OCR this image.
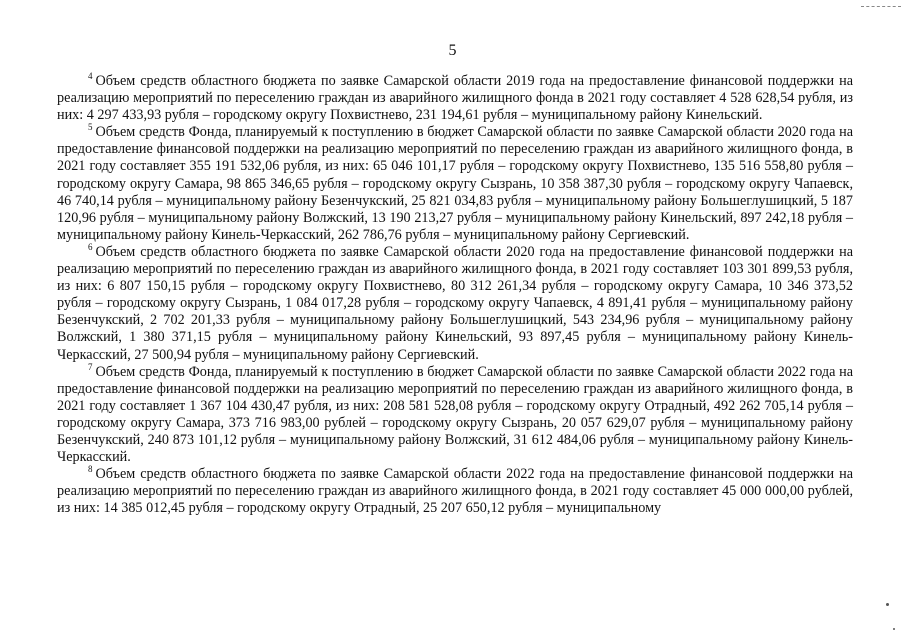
5

$^4$ Объем средств областного бюджета по заявке Самарской области 2019 года на предоставление финансовой поддержки на реализацию мероприятий по переселению граждан из аварийного жилищного фонда в 2021 году составляет 4 528 628,54 рубля, из них: 4 297 433,93 рубля – городскому округу Похвистнево, 231 194,61 рубля – муниципальному району Кинельский.

$^5$ Объем средств Фонда, планируемый к поступлению в бюджет Самарской области по заявке Самарской области 2020 года на предоставление финансовой поддержки на реализацию мероприятий по переселению граждан из аварийного жилищного фонда, в 2021 году составляет 355 191 532,06 рубля, из них: 65 046 101,17 рубля – городскому округу Похвистнево, 135 516 558,80 рубля – городскому округу Самара, 98 865 346,65 рубля – городскому округу Сызрань, 10 358 387,30 рубля – городскому округу Чапаевск, 46 740,14 рубля – муниципальному району Безенчукский, 25 821 034,83 рубля – муниципальному району Большеглушицкий, 5 187 120,96 рубля – муниципальному району Волжский, 13 190 213,27 рубля – муниципальному району Кинельский, 897 242,18 рубля – муниципальному району Кинель-Черкасский, 262 786,76 рубля – муниципальному району Сергиевский.

$^6$ Объем средств областного бюджета по заявке Самарской области 2020 года на предоставление финансовой поддержки на реализацию мероприятий по переселению граждан из аварийного жилищного фонда, в 2021 году составляет 103 301 899,53 рубля, из них: 6 807 150,15 рубля – городскому округу Похвистнево, 80 312 261,34 рубля – городскому округу Самара, 10 346 373,52 рубля – городскому округу Сызрань, 1 084 017,28 рубля – городскому округу Чапаевск, 4 891,41 рубля – муниципальному району Безенчукский, 2 702 201,33 рубля – муниципальному району Большеглушицкий, 543 234,96 рубля – муниципальному району Волжский, 1 380 371,15 рубля – муниципальному району Кинельский, 93 897,45 рубля – муниципальному району Кинель-Черкасский, 27 500,94 рубля – муниципальному району Сергиевский.

$^7$ Объем средств Фонда, планируемый к поступлению в бюджет Самарской области по заявке Самарской области 2022 года на предоставление финансовой поддержки на реализацию мероприятий по переселению граждан из аварийного жилищного фонда, в 2021 году составляет 1 367 104 430,47 рубля, из них: 208 581 528,08 рубля – городскому округу Отрадный, 492 262 705,14 рубля – городскому округу Самара, 373 716 983,00 рублей – городскому округу Сызрань, 20 057 629,07 рубля – муниципальному району Безенчукский, 240 873 101,12 рубля – муниципальному району Волжский, 31 612 484,06 рубля – муниципальному району Кинель-Черкасский.

$^8$ Объем средств областного бюджета по заявке Самарской области 2022 года на предоставление финансовой поддержки на реализацию мероприятий по переселению граждан из аварийного жилищного фонда, в 2021 году составляет 45 000 000,00 рублей, из них: 14 385 012,45 рубля – городскому округу Отрадный, 25 207 650,12 рубля – муниципальному
